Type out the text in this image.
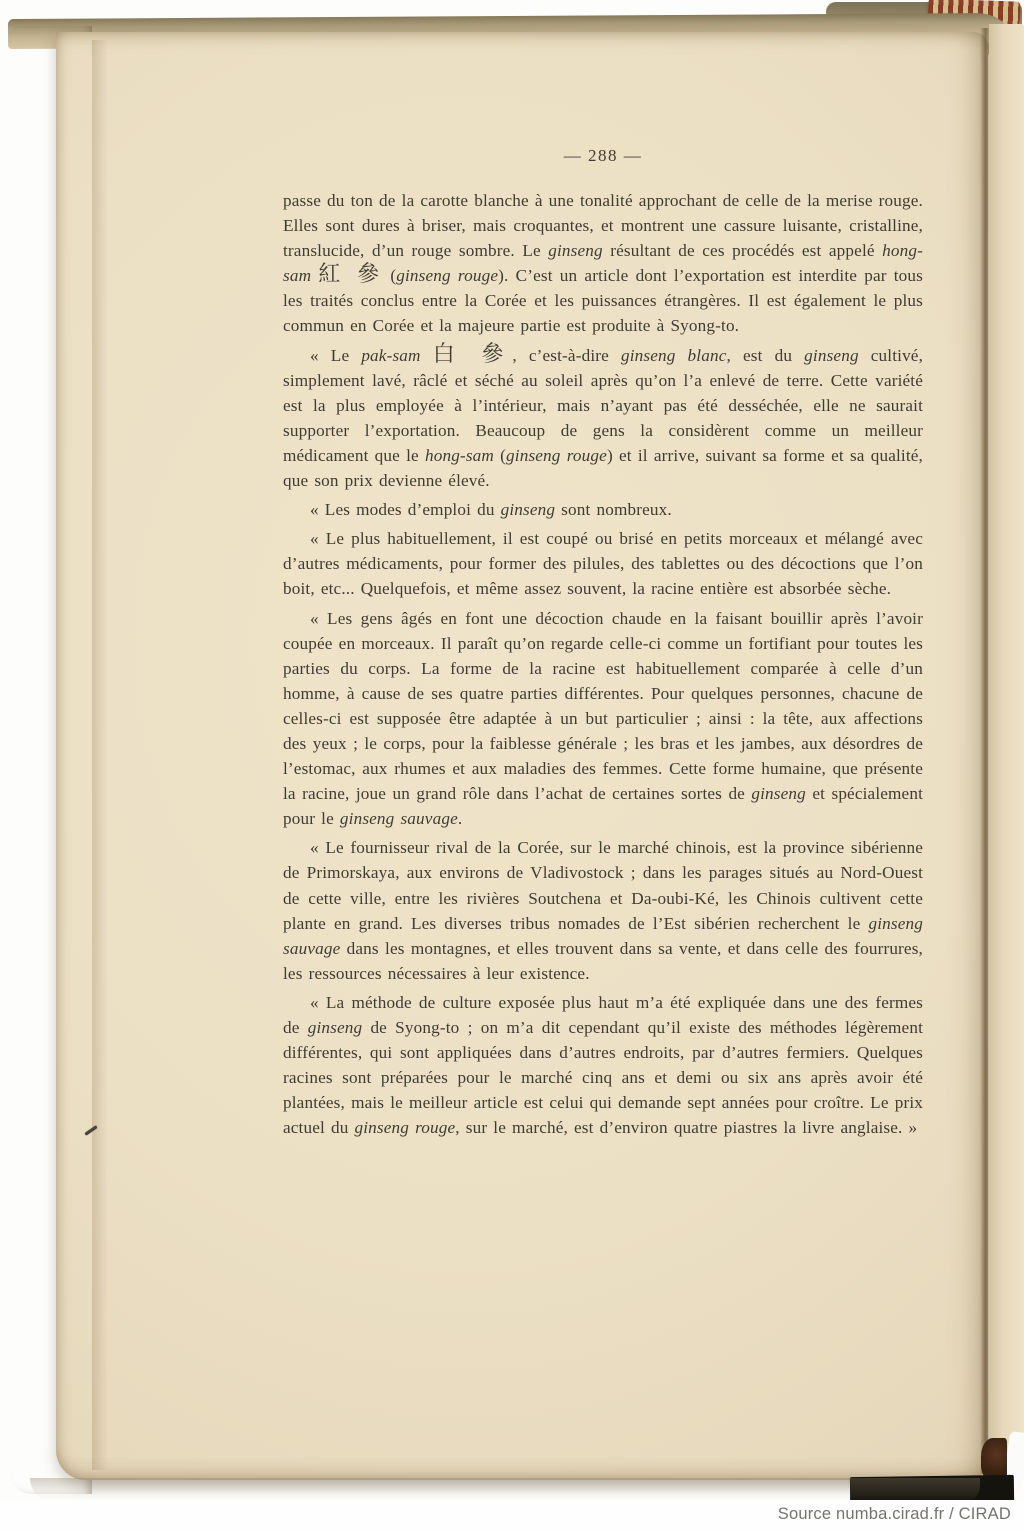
— 288 —

passe du ton de la carotte blanche à une tonalité approchant de celle de la merise rouge. Elles sont dures à briser, mais croquantes, et montrent une cassure luisante, cristalline, translucide, d’un rouge sombre. Le ginseng résultant de ces procédés est appelé hong-sam 紅 參 (ginseng rouge). C’est un article dont l’exportation est interdite par tous les traités conclus entre la Corée et les puissances étrangères. Il est également le plus commun en Corée et la majeure partie est produite à Syong-to.

« Le pak-sam 白 參, c’est-à-dire ginseng blanc, est du ginseng cultivé, simplement lavé, râclé et séché au soleil après qu’on l’a enlevé de terre. Cette variété est la plus employée à l’intérieur, mais n’ayant pas été desséchée, elle ne saurait supporter l’exportation. Beaucoup de gens la considèrent comme un meilleur médicament que le hong-sam (ginseng rouge) et il arrive, suivant sa forme et sa qualité, que son prix devienne élevé.

« Les modes d’emploi du ginseng sont nombreux.

« Le plus habituellement, il est coupé ou brisé en petits morceaux et mélangé avec d’autres médicaments, pour former des pilules, des tablettes ou des décoctions que l’on boit, etc... Quelquefois, et même assez souvent, la racine entière est absorbée sèche.

« Les gens âgés en font une décoction chaude en la faisant bouillir après l’avoir coupée en morceaux. Il paraît qu’on regarde celle-ci comme un fortifiant pour toutes les parties du corps. La forme de la racine est habituellement comparée à celle d’un homme, à cause de ses quatre parties différentes. Pour quelques personnes, chacune de celles-ci est supposée être adaptée à un but particulier ; ainsi : la tête, aux affections des yeux ; le corps, pour la faiblesse générale ; les bras et les jambes, aux désordres de l’estomac, aux rhumes et aux maladies des femmes. Cette forme humaine, que présente la racine, joue un grand rôle dans l’achat de certaines sortes de ginseng et spécialement pour le ginseng sauvage.

« Le fournisseur rival de la Corée, sur le marché chinois, est la province sibérienne de Primorskaya, aux environs de Vladivostock ; dans les parages situés au Nord-Ouest de cette ville, entre les rivières Soutchena et Da-oubi-Ké, les Chinois cultivent cette plante en grand. Les diverses tribus nomades de l’Est sibérien recherchent le ginseng sauvage dans les montagnes, et elles trouvent dans sa vente, et dans celle des fourrures, les ressources nécessaires à leur existence.

« La méthode de culture exposée plus haut m’a été expliquée dans une des fermes de ginseng de Syong-to ; on m’a dit cependant qu’il existe des méthodes légèrement différentes, qui sont appliquées dans d’autres endroits, par d’autres fermiers. Quelques racines sont préparées pour le marché cinq ans et demi ou six ans après avoir été plantées, mais le meilleur article est celui qui demande sept années pour croître. Le prix actuel du ginseng rouge, sur le marché, est d’environ quatre piastres la livre anglaise. »

Source numba.cirad.fr / CIRAD
